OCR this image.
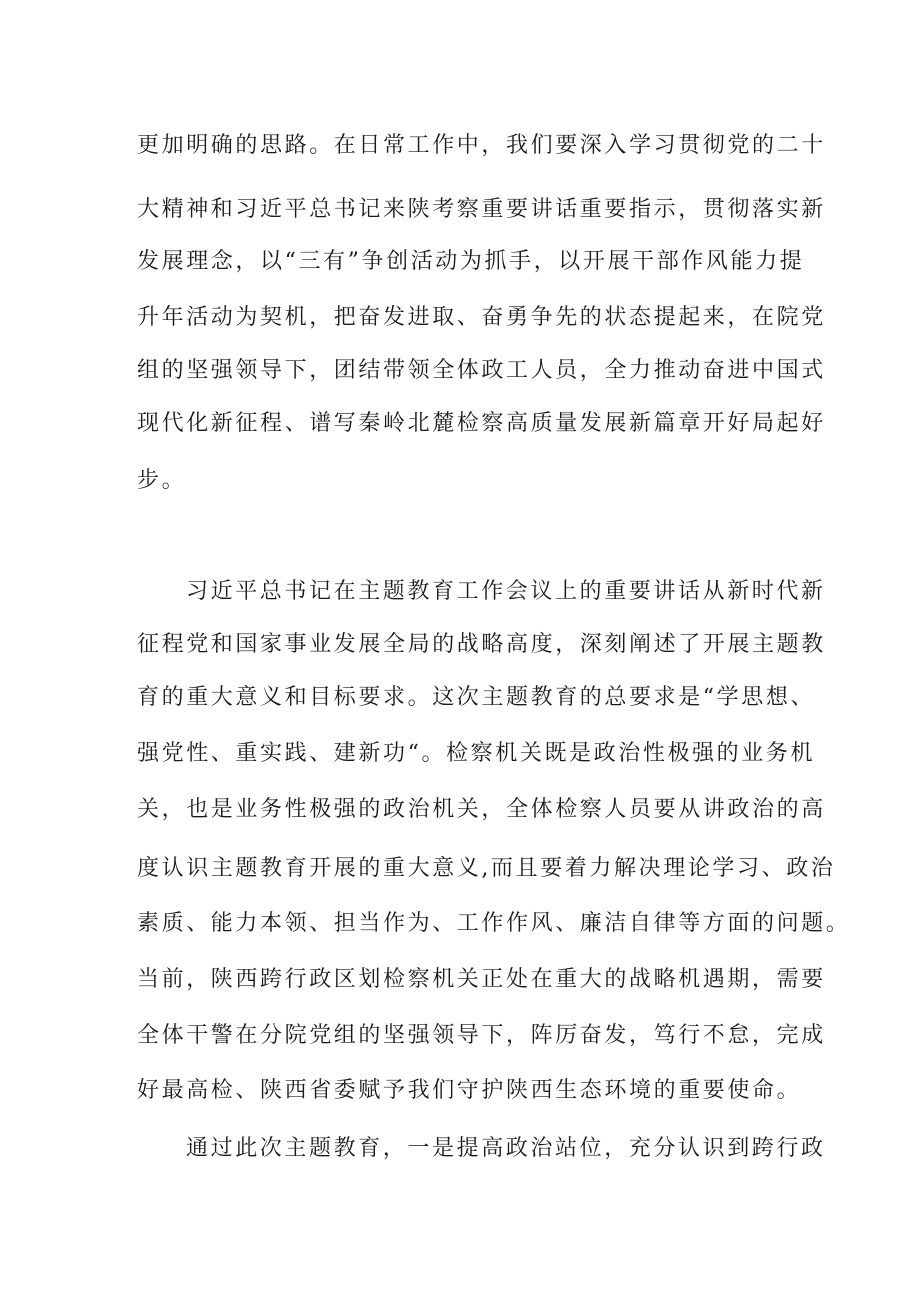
更加明确的思路。在日常工作中，我们要深入学习贯彻党的二十
大精神和习近平总书记来陕考察重要讲话重要指示，贯彻落实新
发展理念，以“三有”争创活动为抓手，以开展干部作风能力提
升年活动为契机，把奋发进取、奋勇争先的状态提起来，在院党
组的坚强领导下，团结带领全体政工人员，全力推动奋进中国式
现代化新征程、谱写秦岭北麓检察高质量发展新篇章开好局起好
步。
习近平总书记在主题教育工作会议上的重要讲话从新时代新
征程党和国家事业发展全局的战略高度，深刻阐述了开展主题教
育的重大意义和目标要求。这次主题教育的总要求是“学思想、
强党性、重实践、建新功“。检察机关既是政治性极强的业务机
关，也是业务性极强的政治机关，全体检察人员要从讲政治的高
度认识主题教育开展的重大意义,而且要着力解决理论学习、政治
素质、能力本领、担当作为、工作作风、廉洁自律等方面的问题。
当前，陕西跨行政区划检察机关正处在重大的战略机遇期，需要
全体干警在分院党组的坚强领导下，阵厉奋发，笃行不怠，完成
好最高检、陕西省委赋予我们守护陕西生态环境的重要使命。
通过此次主题教育，一是提高政治站位，充分认识到跨行政
